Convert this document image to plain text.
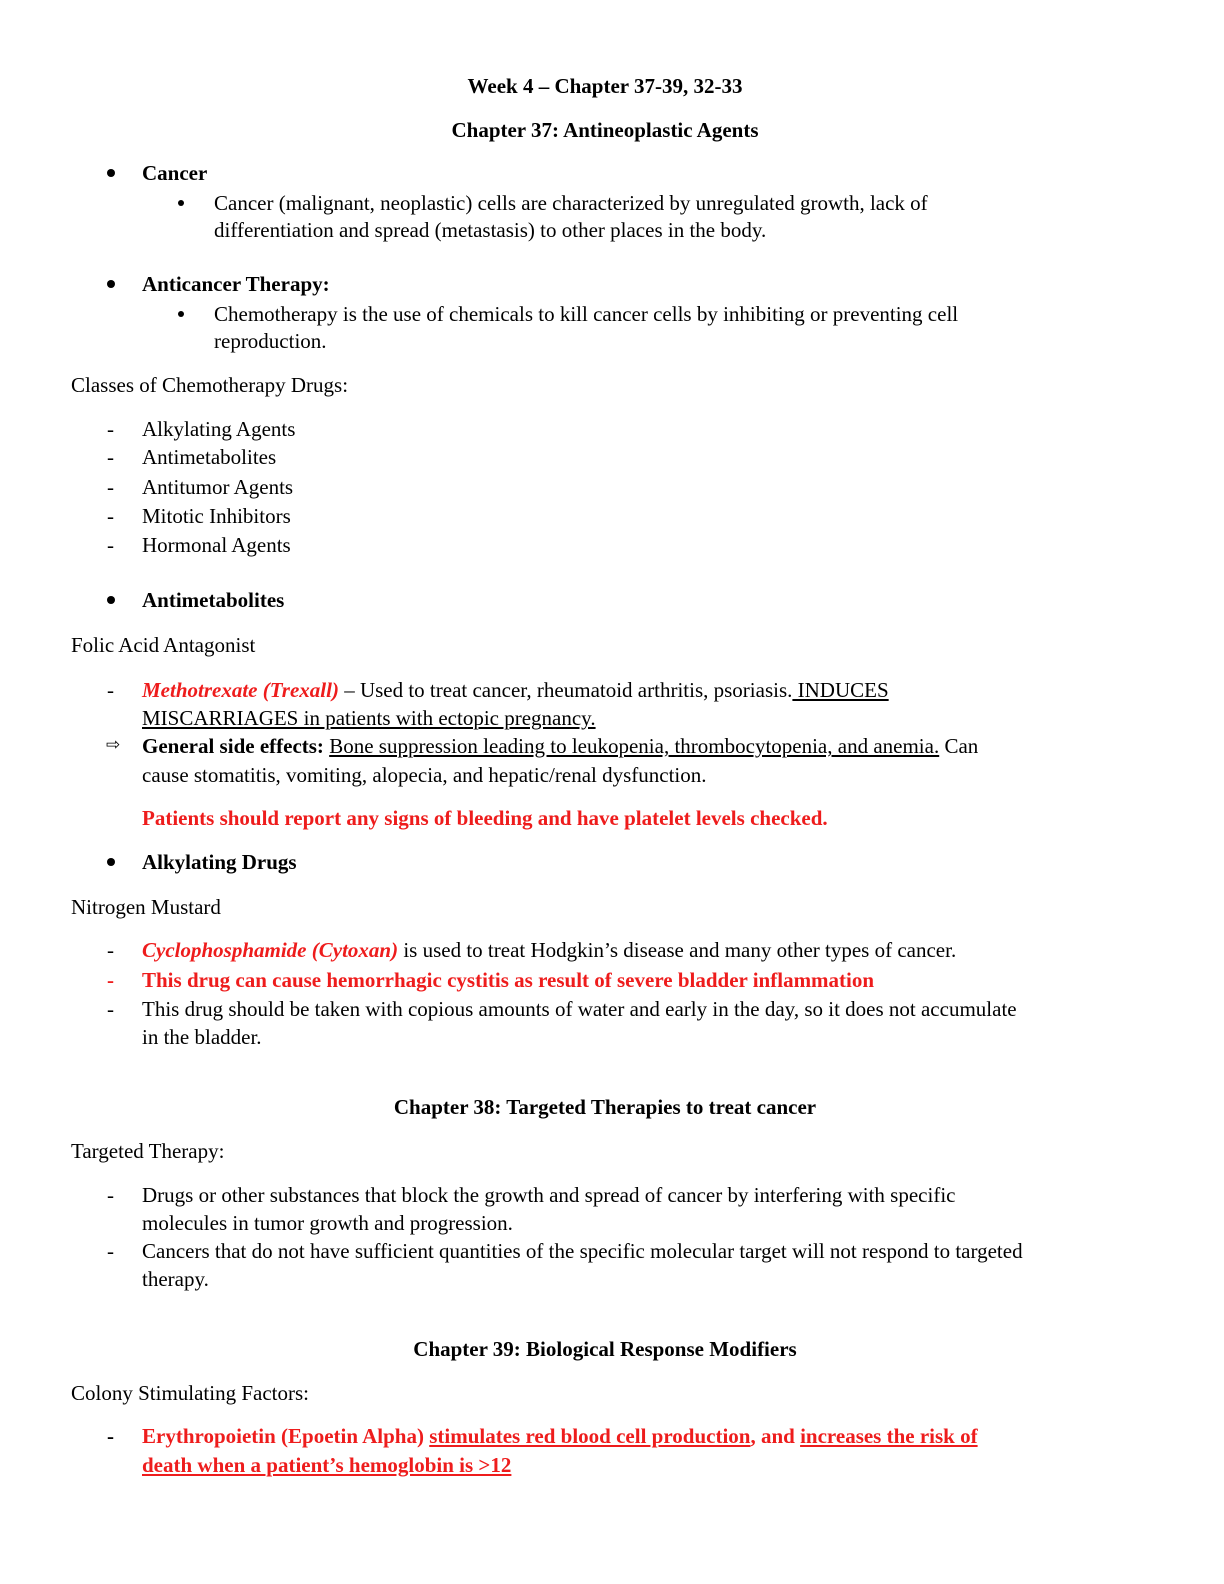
Week 4 – Chapter 37-39, 32-33
Chapter 37: Antineoplastic Agents
Cancer
Cancer (malignant, neoplastic) cells are characterized by unregulated growth, lack of
differentiation and spread (metastasis) to other places in the body.
Anticancer Therapy:
Chemotherapy is the use of chemicals to kill cancer cells by inhibiting or preventing cell
reproduction.
Classes of Chemotherapy Drugs:
- Alkylating Agents
- Antimetabolites
- Antitumor Agents
- Mitotic Inhibitors
- Hormonal Agents
Antimetabolites
Folic Acid Antagonist
- Methotrexate (Trexall) – Used to treat cancer, rheumatoid arthritis, psoriasis. INDUCES
MISCARRIAGES in patients with ectopic pregnancy.
⇨ General side effects: Bone suppression leading to leukopenia, thrombocytopenia, and anemia. Can
cause stomatitis, vomiting, alopecia, and hepatic/renal dysfunction.
Patients should report any signs of bleeding and have platelet levels checked.
Alkylating Drugs
Nitrogen Mustard
- Cyclophosphamide (Cytoxan) is used to treat Hodgkin’s disease and many other types of cancer.
- This drug can cause hemorrhagic cystitis as result of severe bladder inflammation
- This drug should be taken with copious amounts of water and early in the day, so it does not accumulate
in the bladder.
Chapter 38: Targeted Therapies to treat cancer
Targeted Therapy:
- Drugs or other substances that block the growth and spread of cancer by interfering with specific
molecules in tumor growth and progression.
- Cancers that do not have sufficient quantities of the specific molecular target will not respond to targeted
therapy.
Chapter 39: Biological Response Modifiers
Colony Stimulating Factors:
- Erythropoietin (Epoetin Alpha) stimulates red blood cell production, and increases the risk of
death when a patient’s hemoglobin is >12
